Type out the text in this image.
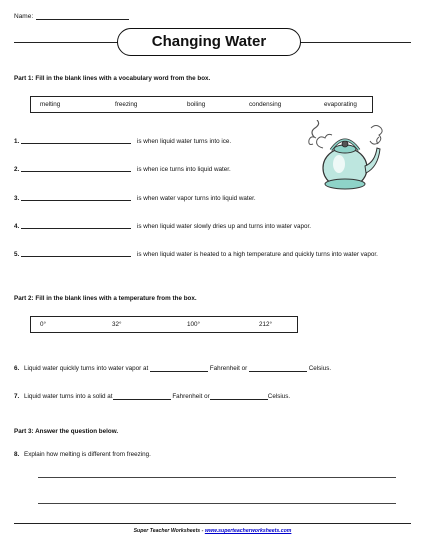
Name:
Changing Water
Part 1: Fill in the blank lines with a vocabulary word from the box.
melting	freezing	boiling	condensing	evaporating
1.	is when liquid water turns into ice.
2.	is when ice turns into liquid water.
3.	is when water vapor turns into liquid water.
4.	is when liquid water slowly dries up and turns into water vapor.
5.	is when liquid water is heated to a high temperature and quickly turns into water vapor.
Part 2: Fill in the blank lines with a temperature from the box.
0°	32°	100°	212°
6. Liquid water quickly turns into water vapor at	Fahrenheit or	Celsius.
7. Liquid water turns into a solid at	Fahrenheit or	Celsius.
Part 3: Answer the question below.
8. Explain how melting is different from freezing.
Super Teacher Worksheets - www.superteacherworksheets.com
